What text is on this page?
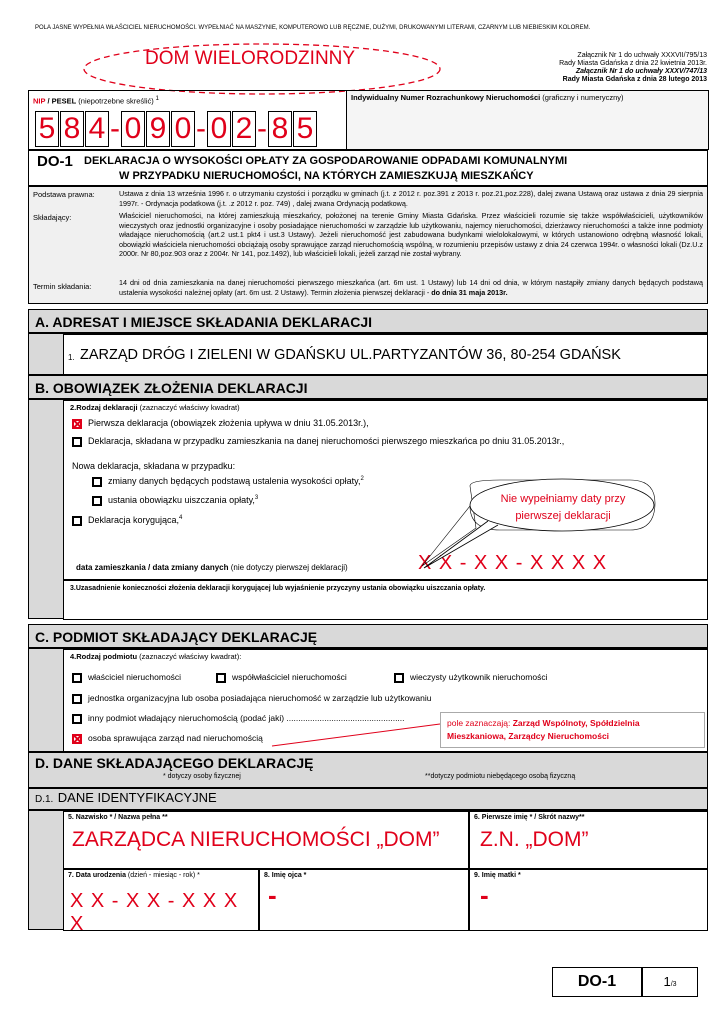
POLA JASNE WYPEŁNIA WŁAŚCICIEL NIERUCHOMOŚCI. WYPEŁNIAĆ NA MASZYNIE, KOMPUTEROWO LUB RĘCZNIE, DUŻYMI, DRUKOWANYMI LITERAMI, CZARNYM LUB NIEBIESKIM KOLOREM.
DOM WIELORODZINNY	Załącznik Nr 1 do uchwały XXXVII/795/13
Rady Miasta Gdańska z dnia 22 kwietnia 2013r.
Załącznik Nr 1 do uchwały XXXV/747/13
Rady Miasta Gdańska z dnia 28 lutego 2013
Indywidualny Numer Rozrachunkowy Nieruchomości (graficzny i numeryczny)
NIP / PESEL (niepotrzebne skreślić) $^1$
5 8 4 - 0 9 0 - 0 2 - 8 5
DO-1 DEKLARACJA O WYSOKOŚCI OPŁATY ZA GOSPODAROWANIE ODPADAMI KOMUNALNYMI
W PRZYPADKU NIERUCHOMOŚCI, NA KTÓRYCH ZAMIESZKUJĄ MIESZKAŃCY
Podstawa prawna:	Ustawa z dnia 13 września 1996 r. o utrzymaniu czystości i porządku w gminach (j.t. z 2012 r. poz.391 z 2013 r. poz.21,poz.228), dalej zwana Ustawą oraz ustawa z dnia 29 sierpnia 1997r. - Ordynacja podatkowa (j.t. .z 2012 r. poz. 749) , dalej zwana Ordynacją podatkową.
Składający:	Właściciel nieruchomości, na której zamieszkują mieszkańcy, położonej na terenie Gminy Miasta Gdańska. Przez właścicieli rozumie się także współwłaścicieli, użytkowników wieczystych oraz jednostki organizacyjne i osoby posiadające nieruchomości w zarządzie lub użytkowaniu, najemcy nieruchomości, dzierżawcy nieruchomości a także inne podmioty władające nieruchomością (art.2 ust.1 pkt4 i ust.3 Ustawy). Jeżeli nieruchomość jest zabudowana budynkami wielolokalowymi, w których ustanowiono odrębną własność lokali, obowiązki właściciela nieruchomości obciążają osoby sprawujące zarząd nieruchomością wspólną, w rozumieniu przepisów ustawy z dnia 24 czerwca 1994r. o własności lokali (Dz.U.z 2000r. Nr 80,poz.903 oraz z 2004r. Nr 141, poz.1492), lub właścicieli lokali, jeżeli zarząd nie został wybrany.
Termin składania:	14 dni od dnia zamieszkania na danej nieruchomości pierwszego mieszkańca (art. 6m ust. 1 Ustawy) lub 14 dni od dnia, w którym nastąpiły zmiany danych będących podstawą ustalenia wysokości należnej opłaty (art. 6m ust. 2 Ustawy). Termin złożenia pierwszej deklaracji - do dnia 31 maja 2013r.
A. ADRESAT I MIEJSCE SKŁADANIA DEKLARACJI
1. ZARZĄD DRÓG I ZIELENI W GDAŃSKU UL.PARTYZANTÓW 36, 80-254 GDAŃSK
B. OBOWIĄZEK ZŁOŻENIA DEKLARACJI
2.Rodzaj deklaracji (zaznaczyć właściwy kwadrat)
Pierwsza deklaracja (obowiązek złożenia upływa w dniu 31.05.2013r.),
Deklaracja, składana w przypadku zamieszkania na danej nieruchomości pierwszego mieszkańca po dniu 31.05.2013r.,
Nowa deklaracja, składana w przypadku:
zmiany danych będących podstawą ustalenia wysokości opłaty,$^2$
ustania obowiązku uiszczania opłaty,$^3$
Deklaracja korygująca,$^4$
data zamieszkania / data zmiany danych (nie dotyczy pierwszej deklaracji)	X X - X X - X X X X
3.Uzasadnienie konieczności złożenia deklaracji korygującej lub wyjaśnienie przyczyny ustania obowiązku uiszczania opłaty.
Nie wypełniamy daty przy pierwszej deklaracji
C. PODMIOT SKŁADAJĄCY DEKLARACJĘ
4.Rodzaj podmiotu (zaznaczyć właściwy kwadrat):
właściciel nieruchomości	współwłaściciel nieruchomości	wieczysty użytkownik nieruchomości
jednostka organizacyjna lub osoba posiadająca nieruchomość w zarządzie lub użytkowaniu
inny podmiot władający nieruchomością (podać jaki) ..................................................
osoba sprawująca zarząd nad nieruchomością
pole zaznaczają: Zarząd Wspólnoty, Spółdzielnia Mieszkaniowa, Zarządcy Nieruchomości
D. DANE SKŁADAJĄCEGO DEKLARACJĘ
* dotyczy osoby fizycznej	**dotyczy podmiotu niebędącego osobą fizyczną
D.1. DANE IDENTYFIKACYJNE
5. Nazwisko * / Nazwa pełna **
ZARZĄDCA NIERUCHOMOŚCI „DOM”
6. Pierwsze imię * / Skrót nazwy**
Z.N. „DOM”
7. Data urodzenia (dzień - miesiąc - rok) *
X X - X X - X X X X
8. Imię ojca *
-
9. Imię matki *
-
DO-1	1/3
